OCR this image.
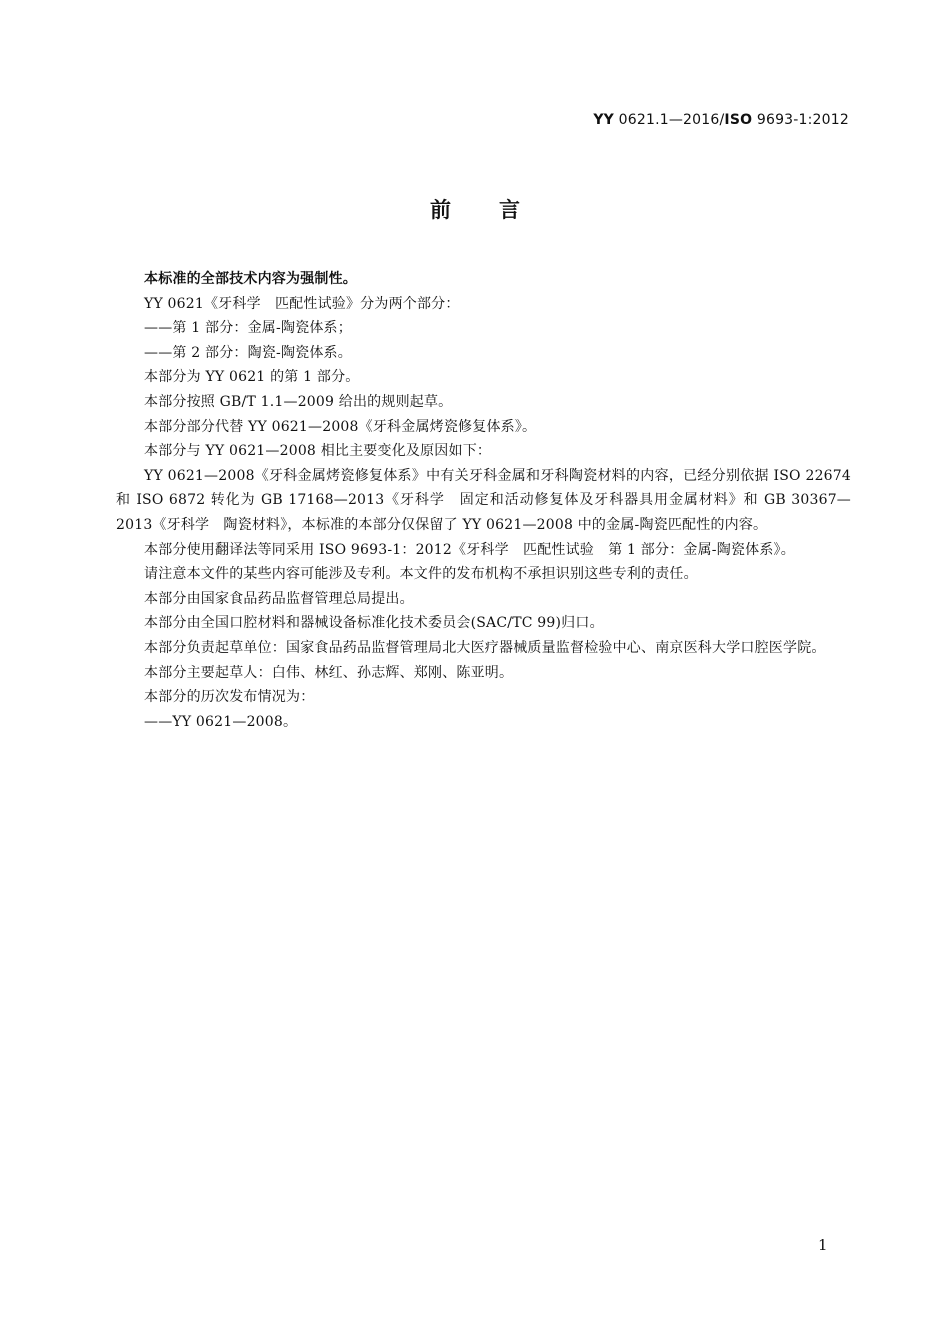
YY 0621.1—2016/ISO 9693-1:2012
前 言

本标准的全部技术内容为强制性。

YY 0621《牙科学　匹配性试验》分为两个部分：

——第 1 部分：金属-陶瓷体系；

——第 2 部分：陶瓷-陶瓷体系。

本部分为 YY 0621 的第 1 部分。

本部分按照 GB/T 1.1—2009 给出的规则起草。

本部分部分代替 YY 0621—2008《牙科金属烤瓷修复体系》。

本部分与 YY 0621—2008 相比主要变化及原因如下：

YY 0621—2008《牙科金属烤瓷修复体系》中有关牙科金属和牙科陶瓷材料的内容，已经分别依据 ISO 22674 和 ISO 6872 转化为 GB 17168—2013《牙科学　固定和活动修复体及牙科器具用金属材料》和 GB 30367—2013《牙科学　陶瓷材料》，本标准的本部分仅保留了 YY 0621—2008 中的金属-陶瓷匹配性的内容。

本部分使用翻译法等同采用 ISO 9693-1：2012《牙科学　匹配性试验　第 1 部分：金属-陶瓷体系》。

请注意本文件的某些内容可能涉及专利。本文件的发布机构不承担识别这些专利的责任。

本部分由国家食品药品监督管理总局提出。

本部分由全国口腔材料和器械设备标准化技术委员会(SAC/TC 99)归口。

本部分负责起草单位：国家食品药品监督管理局北大医疗器械质量监督检验中心、南京医科大学口腔医学院。

本部分主要起草人：白伟、林红、孙志辉、郑刚、陈亚明。

本部分的历次发布情况为：

——YY 0621—2008。

1
